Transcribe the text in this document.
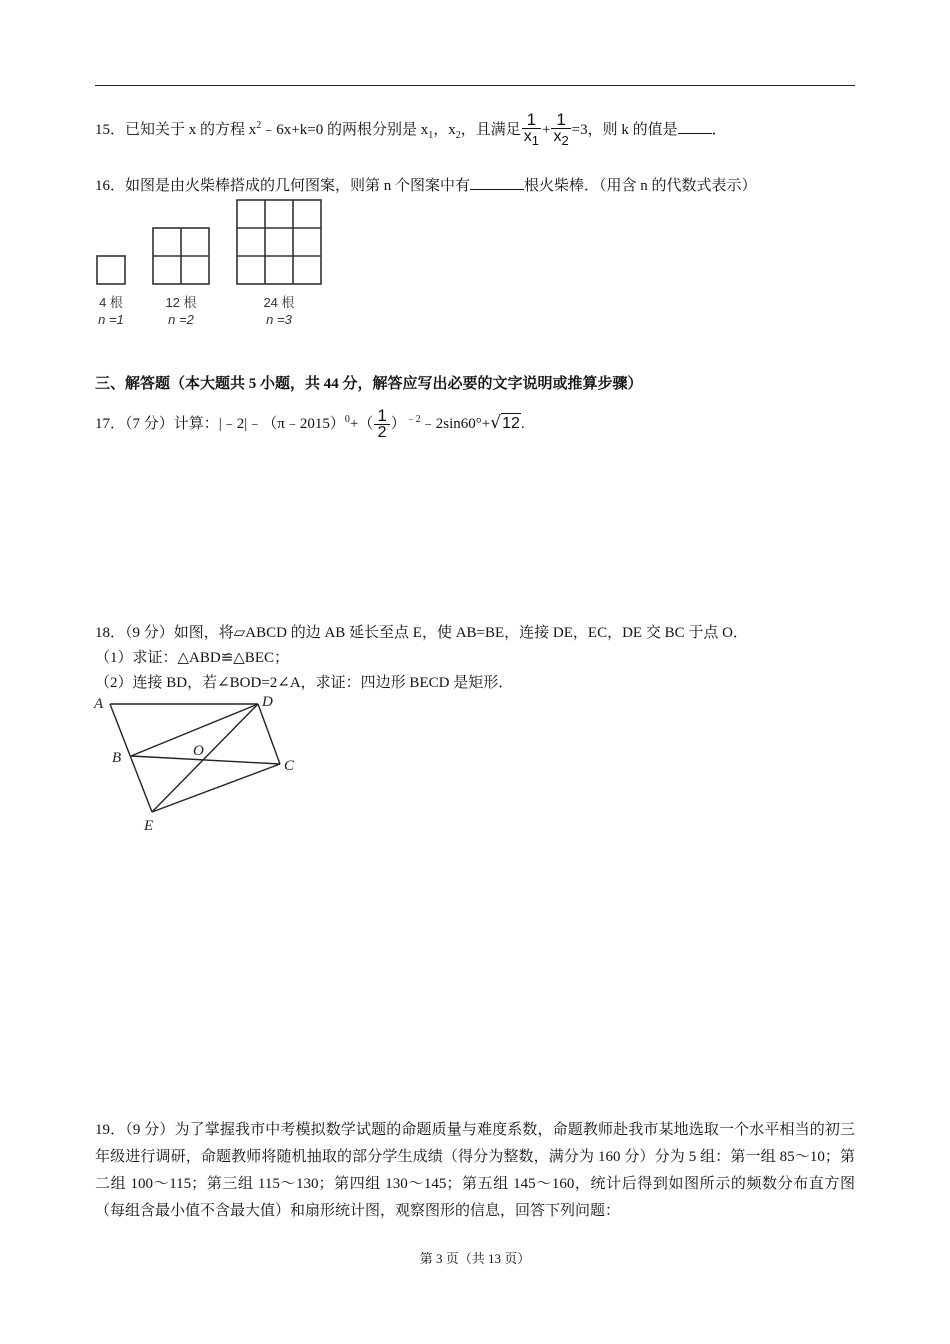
15．已知关于 x 的方程 $x^2﹣6x+k=0$ 的两根分别是 $x_1$，$x_2$，且满足 $\frac{1}{x_1} + \frac{1}{x_2} =3$，则 k 的值是 ．
16．如图是由火柴棒搭成的几何图案，则第 n 个图案中有	根火柴棒．（用含 n 的代数式表示）
4 根
n =1
12 根
n =2
24 根
n =3
三、解答题（本大题共 5 小题，共 44 分，解答应写出必要的文字说明或推算步骤）
17．（7 分）计算：|﹣2|﹣（π﹣2015）$^0$+（ $\frac{1}{2}$ ）$^{﹣2}$﹣2sin60°+√12.
18．（9 分）如图，将▱ABCD 的边 AB 延长至点 E，使 AB=BE，连接 DE，EC，DE 交 BC 于点 O．
（1）求证：△ABD≌△BEC；
（2）连接 BD，若∠BOD=2∠A，求证：四边形 BECD 是矩形．
A	D
B	O
C
E
19．（9 分）为了掌握我市中考模拟数学试题的命题质量与难度系数，命题教师赴我市某地选取一个水平相当的初三年级进行调研，命题教师将随机抽取的部分学生成绩（得分为整数，满分为 160 分）分为 5 组：第一组 85～10；第二组 100～115；第三组 115～130；第四组 130～145；第五组 145～160，统计后得到如图所示的频数分布直方图（每组含最小值不含最大值）和扇形统计图，观察图形的信息，回答下列问题：
第 3 页（共 13 页）
